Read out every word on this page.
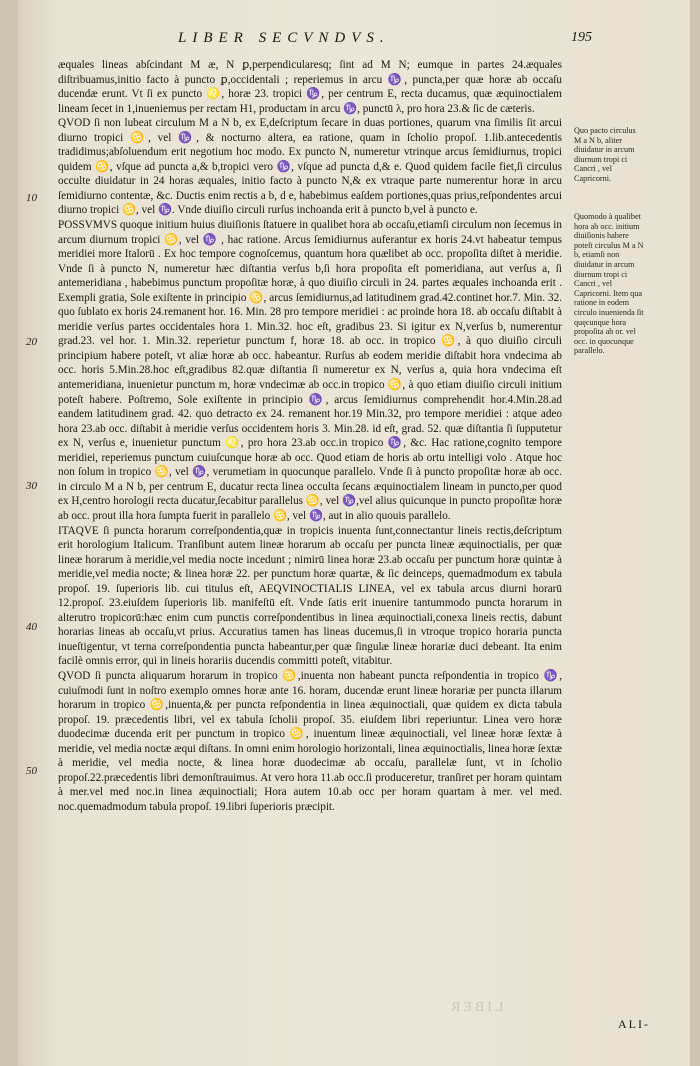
LIBER SECVNDVS.	195
10
20
30
40
50

æquales lineas abſcindant M æ, N ꝑ,perpendicularesq; ſint ad M N; eumque in partes 24.æquales diſtribuamus,initio facto à puncto ꝑ,occidentali ; reperiemus in arcu ♑, puncta,per quæ horæ ab occaſu ducendæ erunt. Vt ſi ex puncto ♌, horæ 23. tropici ♑, per centrum E, recta ducamus, quæ æquinoctialem lineam ſecet in 1,inueniemus per rectam H1, productam in arcu ♑, punctū λ, pro hora 23.& ſic de cæteris.

QVOD ſi non lubeat circulum M a N b, ex E,deſcriptum ſecare in duas portiones, quarum vna ſimilis ſit arcui diurno tropici ♋, vel ♑, & nocturno altera, ea ratione, quam in ſcholio propoſ. 1.lib.antecedentis tradidimus;abſoluendum erit negotium hoc modo. Ex puncto N, numeretur vtrinque arcus ſemidiurnus, tropici quidem ♋, vſque ad puncta a,& b,tropici vero ♑, vſque ad puncta d,& e. Quod quidem facile fiet,ſi circulus occulte diuidatur in 24 horas æquales, initio facto à puncto N,& ex vtraque parte numerentur horæ in arcu ſemidiurno contentæ, &c. Ductis enim rectis a b, d e, habebimus eaſdem portiones,quas prius,reſpondentes arcui diurno tropici ♋, vel ♑. Vnde diuiſio circuli rurſus inchoanda erit à puncto b,vel à puncto e.

POSSVMVS quoque initium huius diuiſionis ſtatuere in qualibet hora ab occaſu,etiamſi circulum non ſecemus in arcum diurnum tropici ♋, vel ♑ , hac ratione. Arcus ſemidiurnus auferantur ex horis 24.vt habeatur tempus meridiei more Italorū . Ex hoc tempore cognoſcemus, quantum hora quælibet ab occ. propoſita diſtet à meridie. Vnde ſi à puncto N, numeretur hæc diſtantia verſus b,ſi hora propoſita eſt pomeridiana, aut verſus a, ſi antemeridiana , habebimus punctum propoſitæ horæ, à quo diuiſio circuli in 24. partes æquales inchoanda erit . Exempli gratia, Sole exiſtente in principio ♋, arcus ſemidiurnus,ad latitudinem grad.42.continet hor.7. Min. 32. quo ſublato ex horis 24.remanent hor. 16. Min. 28 pro tempore meridiei : ac proinde hora 18. ab occaſu diſtabit à meridie verſus partes occidentales hora 1. Min.32. hoc eſt, gradibus 23. Si igitur ex N,verſus b, numerentur grad.23. vel hor. 1. Min.32. reperietur punctum f, horæ 18. ab occ. in tropico ♋, à quo diuiſio circuli principium habere poteſt, vt aliæ horæ ab occ. habeantur. Rurſus ab eodem meridie diſtabit hora vndecima ab occ. horis 5.Min.28.hoc eſt,gradibus 82.quæ diſtantia ſi numeretur ex N, verſus a, quia hora vndecima eſt antemeridiana, inuenietur punctum m, horæ vndecimæ ab occ.in tropico ♋, à quo etiam diuiſio circuli initium poteſt habere. Poſtremo, Sole exiſtente in principio ♑, arcus ſemidiurnus comprehendit hor.4.Min.28.ad eandem latitudinem grad. 42. quo detracto ex 24. remanent hor.19 Min.32, pro tempore meridiei : atque adeo hora 23.ab occ. diſtabit à meridie verſus occidentem horis 3. Min.28. id eſt, grad. 52. quæ diſtantia ſi ſupputetur ex N, verſus e, inuenietur punctum ♌, pro hora 23.ab occ.in tropico ♑, &c. Hac ratione,cognito tempore meridiei, reperiemus punctum cuiuſcunque horæ ab occ. Quod etiam de horis ab ortu intelligi volo . Atque hoc non ſolum in tropico ♋, vel ♑, verumetiam in quocunque parallelo. Vnde ſi à puncto propoſitæ horæ ab occ. in circulo M a N b, per centrum E, ducatur recta linea occulta ſecans æquinoctialem lineam in puncto,per quod ex H,centro horologii recta ducatur,ſecabitur parallelus ♋, vel ♑,vel alius quicunque in puncto propoſitæ horæ ab occ. prout illa hora ſumpta fuerit in parallelo ♋, vel ♑, aut in alio quouis parallelo.

ITAQVE ſi puncta horarum correſpondentia,quæ in tropicis inuenta ſunt,connectantur lineis rectis,deſcriptum erit horologium Italicum. Tranſibunt autem lineæ horarum ab occaſu per puncta lineæ æquinoctialis, per quæ lineæ horarum à meridie,vel media nocte incedunt ; nimirū linea horæ 23.ab occaſu per punctum horæ quintæ à meridie,vel media nocte; & linea horæ 22. per punctum horæ quartæ, & ſic deinceps, quemadmodum ex tabula propoſ. 19. ſuperioris lib. cui titulus eſt, AEQVINOCTIALIS LINEA, vel ex tabula arcus diurni horarū 12.propoſ. 23.eiuſdem ſuperioris lib. manifeſtū eſt. Vnde ſatis erit inuenire tantummodo puncta horarum in alterutro tropicorū:hæc enim cum punctis correſpondentibus in linea æquinoctiali,conexa lineis rectis, dabunt horarias lineas ab occaſu,vt prius. Accuratius tamen has lineas ducemus,ſi in vtroque tropico horaria puncta inueſtigentur, vt terna correſpondentia puncta habeantur,per quæ ſingulæ lineæ horariæ duci debeant. Ita enim facilè omnis error, qui in lineis horariis ducendis committi poteſt, vitabitur.

QVOD ſi puncta aliquarum horarum in tropico ♋,inuenta non habeant puncta reſpondentia in tropico ♑, cuiuſmodi ſunt in noſtro exemplo omnes horæ ante 16. horam, ducendæ erunt lineæ horariæ per puncta illarum horarum in tropico ♋,inuenta,& per puncta reſpondentia in linea æquinoctiali, quæ quidem ex dicta tabula propoſ. 19. præcedentis libri, vel ex tabula ſcholii propoſ. 35. eiuſdem libri reperiuntur. Linea vero horæ duodecimæ ducenda erit per punctum in tropico ♋, inuentum lineæ æquinoctiali, vel lineæ horæ ſextæ à meridie, vel media noctæ æqui diſtans. In omni enim horologio horizontali, linea æquinoctialis, linea horæ ſextæ à meridie, vel media nocte, & linea horæ duodecimæ ab occaſu, parallelæ ſunt, vt in ſcholio propoſ.22.præcedentis libri demonſtrauimus. At vero hora 11.ab occ.ſi produceretur, tranſiret per horam quintam à mer.vel med noc.in linea æquinoctiali; Hora autem 10.ab occ per horam quartam à mer. vel med. noc.quemadmodum tabula propoſ. 19.libri ſuperioris præcipit.

Quo pacto circulus M a N b, aliter diuidatur in arcum diurnum tropi ci Cancri , vel Capricorni.
Quomodo à qualibet hora ab occ. initium diuiſionis habere poteſt circulus M a N b, etiamſi non diuidatur in arcum diurnum tropi ci Cancri , vel Capricorni. Item qua ratione in eodem circulo inuenienda ſit quęcunque hora propoſita ab or. vel occ. in quocunque parallelo.
LIBER
ALI-
